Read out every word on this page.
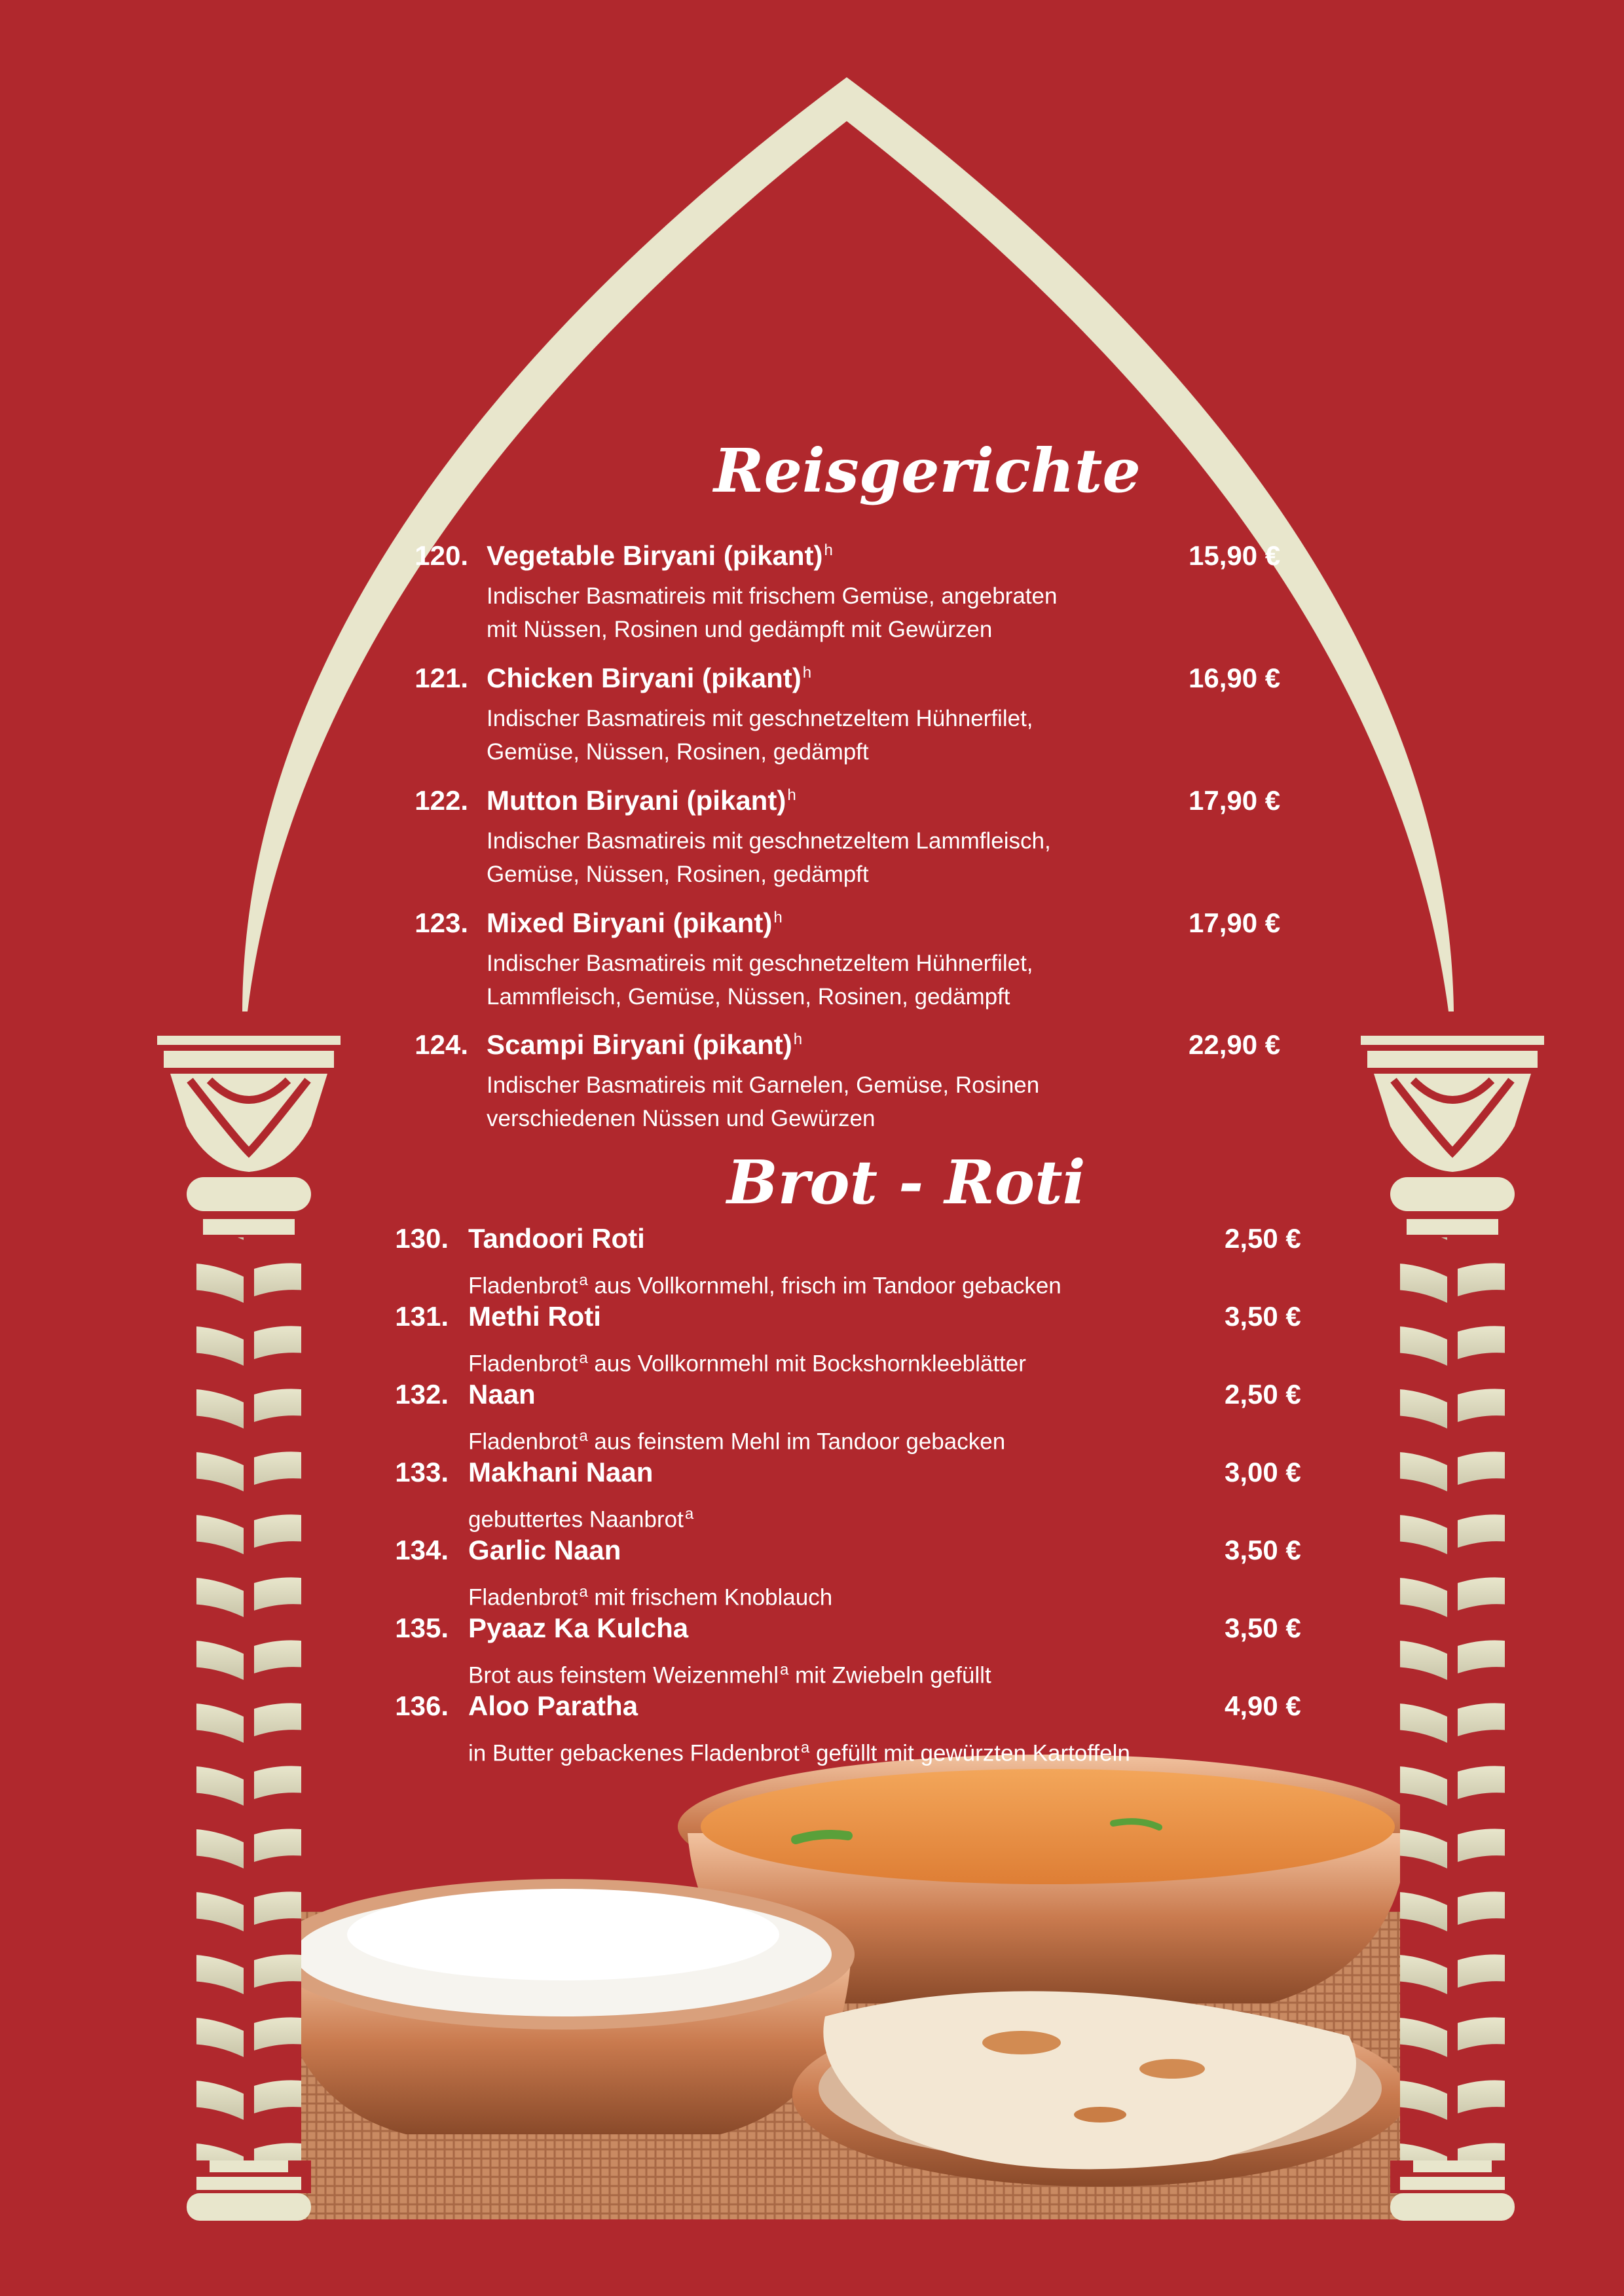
Reisgerichte
120. Vegetable Biryani (pikant)$^h$	15,90 €
Indischer Basmatireis mit frischem Gemüse, angebraten
mit Nüssen, Rosinen und gedämpft mit Gewürzen
121. Chicken Biryani (pikant)$^h$	16,90 €
Indischer Basmatireis mit geschnetzeltem Hühnerfilet,
Gemüse, Nüssen, Rosinen, gedämpft
122. Mutton Biryani (pikant)$^h$	17,90 €
Indischer Basmatireis mit geschnetzeltem Lammfleisch,
Gemüse, Nüssen, Rosinen, gedämpft
123. Mixed Biryani (pikant)$^h$	17,90 €
Indischer Basmatireis mit geschnetzeltem Hühnerfilet,
Lammfleisch, Gemüse, Nüssen, Rosinen, gedämpft
124. Scampi Biryani (pikant)$^h$	22,90 €
Indischer Basmatireis mit Garnelen, Gemüse, Rosinen
verschiedenen Nüssen und Gewürzen
Brot - Roti
130. Tandoori Roti	2,50 €
Fladenbrot$^a$ aus Vollkornmehl, frisch im Tandoor gebacken
131. Methi Roti	3,50 €
Fladenbrot$^a$ aus Vollkornmehl mit Bockshornkleeblätter
132. Naan	2,50 €
Fladenbrot$^a$ aus feinstem Mehl im Tandoor gebacken
133. Makhani Naan	3,00 €
gebuttertes Naanbrot$^a$
134. Garlic Naan	3,50 €
Fladenbrot$^a$ mit frischem Knoblauch
135. Pyaaz Ka Kulcha	3,50 €
Brot aus feinstem Weizenmehl$^a$ mit Zwiebeln gefüllt
136. Aloo Paratha	4,90 €
in Butter gebackenes Fladenbrot$^a$ gefüllt mit gewürzten Kartoffeln
